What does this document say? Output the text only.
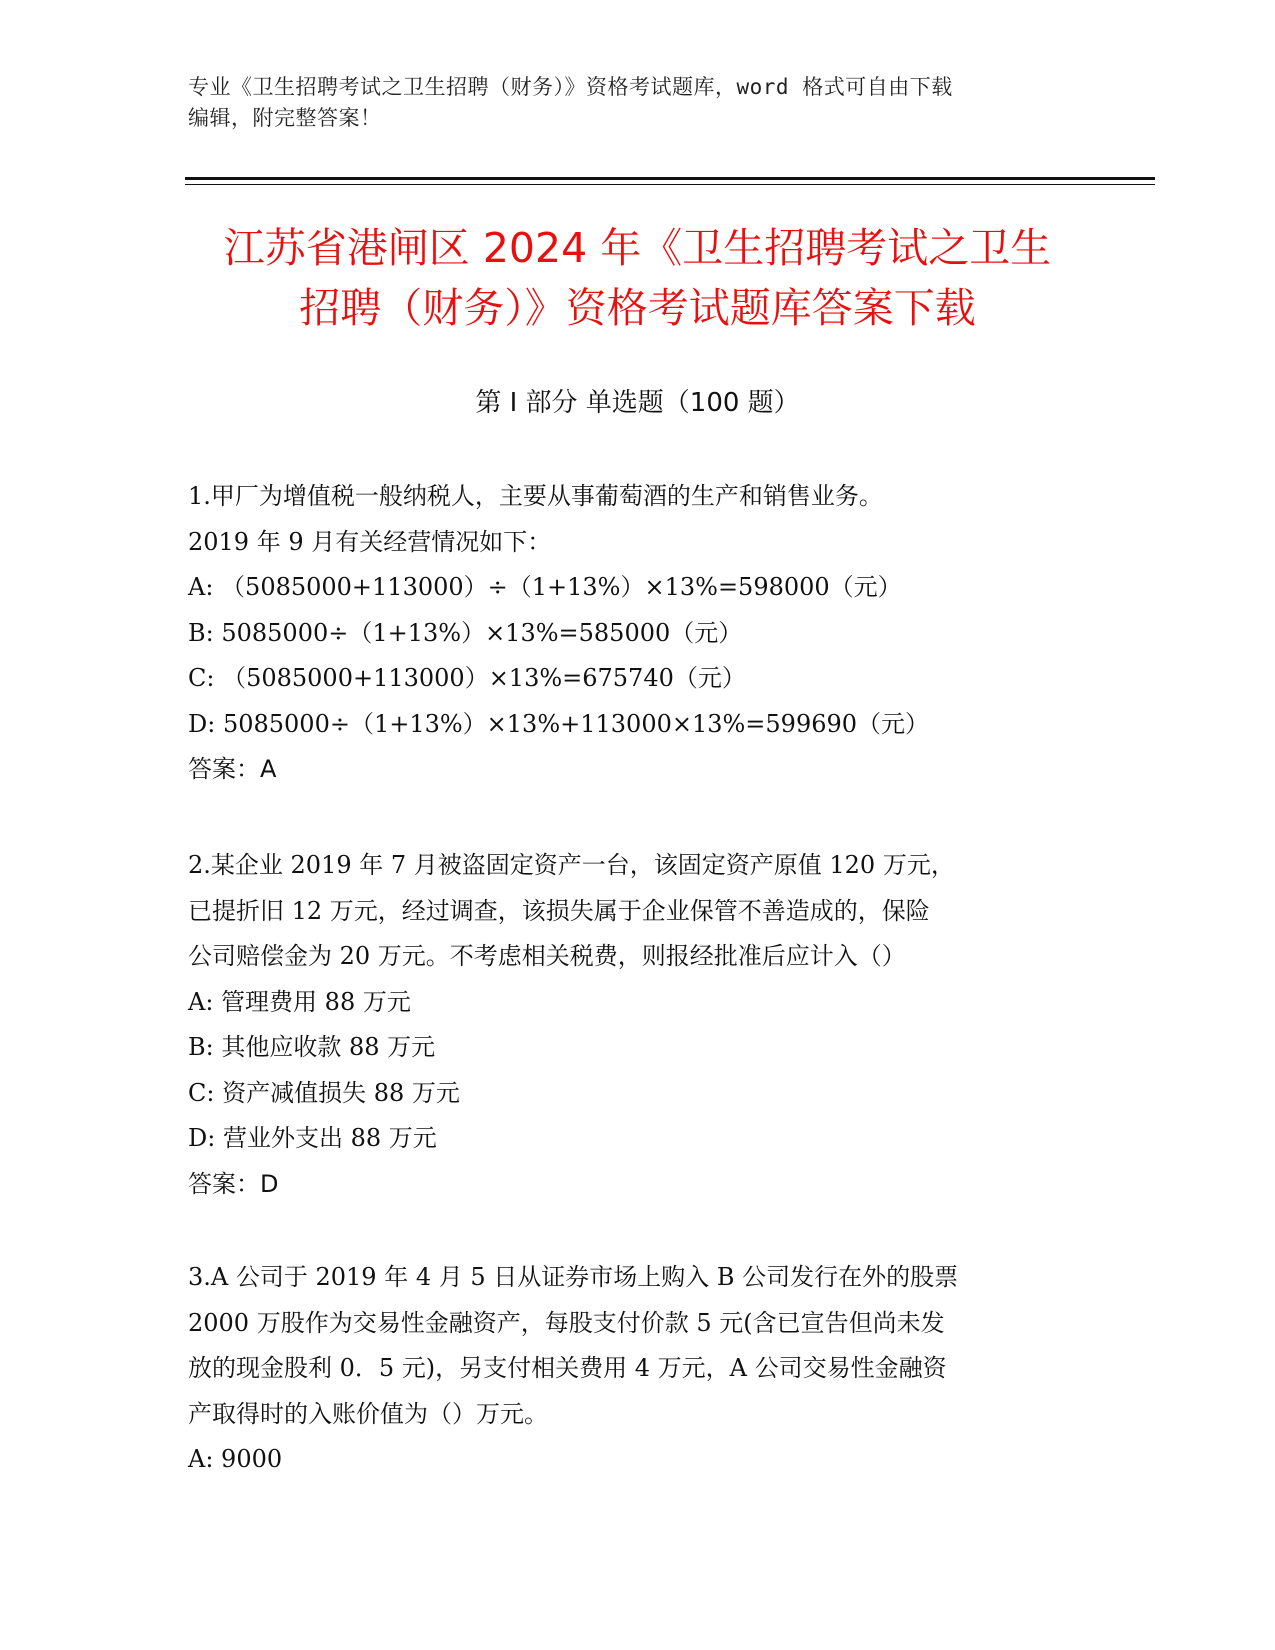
专业《卫生招聘考试之卫生招聘（财务）》资格考试题库，word 格式可自由下载
编辑，附完整答案！
江苏省港闸区 2024 年《卫生招聘考试之卫生
招聘（财务）》资格考试题库答案下载
第 I 部分 单选题（100 题）
1.甲厂为增值税一般纳税人，主要从事葡萄酒的生产和销售业务。
2019 年 9 月有关经营情况如下：
A: （5085000+113000）÷（1+13%）×13%=598000（元）
B: 5085000÷（1+13%）×13%=585000（元）
C: （5085000+113000）×13%=675740（元）
D: 5085000÷（1+13%）×13%+113000×13%=599690（元）
答案：A
2.某企业 2019 年 7 月被盗固定资产一台，该固定资产原值 120 万元，
已提折旧 12 万元，经过调查，该损失属于企业保管不善造成的，保险
公司赔偿金为 20 万元。不考虑相关税费，则报经批准后应计入（）
A: 管理费用 88 万元
B: 其他应收款 88 万元
C: 资产减值损失 88 万元
D: 营业外支出 88 万元
答案：D
3.A 公司于 2019 年 4 月 5 日从证券市场上购入 B 公司发行在外的股票
2000 万股作为交易性金融资产，每股支付价款 5 元(含已宣告但尚未发
放的现金股利 0．5 元)，另支付相关费用 4 万元，A 公司交易性金融资
产取得时的入账价值为（）万元。
A: 9000
